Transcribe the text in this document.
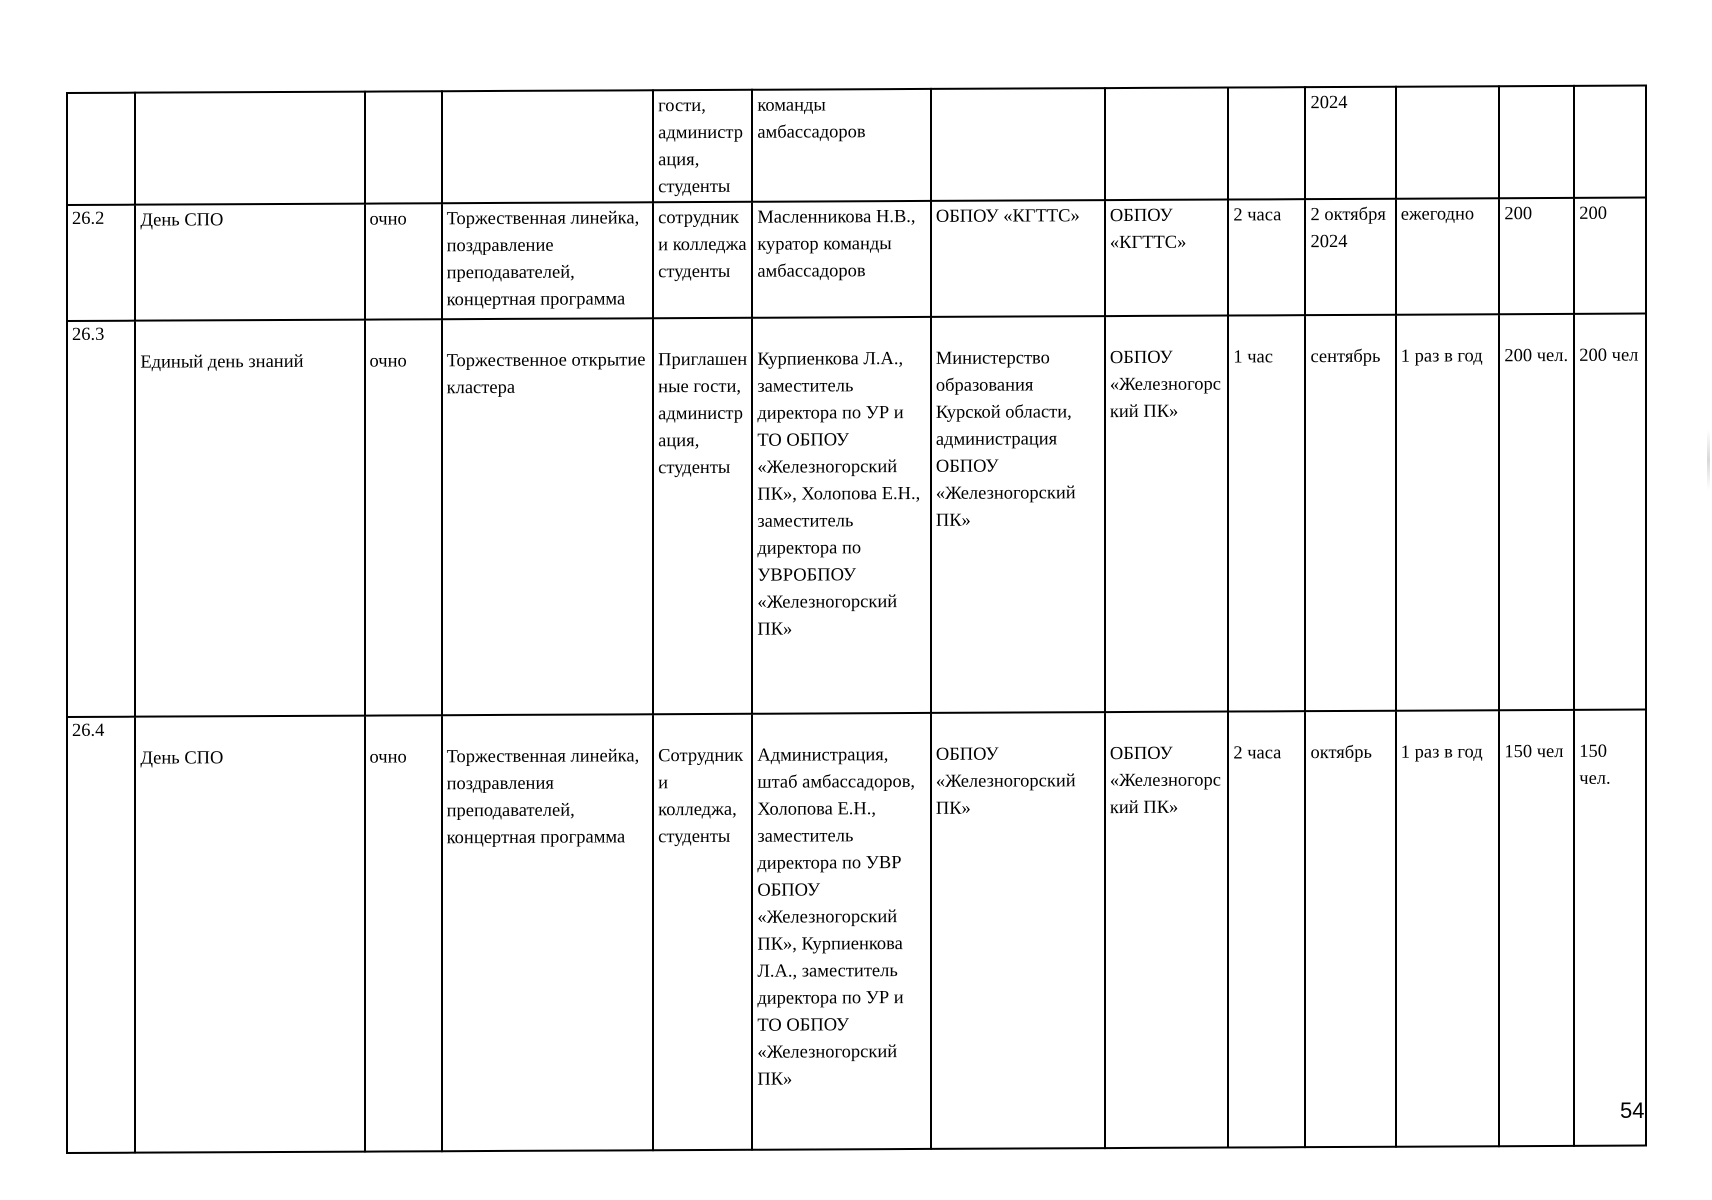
				гости, администрация, студенты	команды амбассадоров				2024			
26.2	День СПО	очно	Торжественная линейка, поздравление преподавателей, концертная программа	сотрудники колледжа студенты	Масленникова Н.В., куратор команды амбассадоров	ОБПОУ «КГТТС»	ОБПОУ «КГТТС»	2 часа	2 октября 2024	ежегодно	200	200
26.3	Единый день знаний	очно	Торжественное открытие кластера	Приглашенные гости, администрация, студенты	Курпиенкова Л.А., заместитель директора по УР и ТО ОБПОУ «Железногорский ПК», Холопова Е.Н., заместитель директора по УВРОБПОУ «Железногорский ПК»	Министерство образования Курской области, администрация ОБПОУ «Железногорский ПК»	ОБПОУ «Железногорский ПК»	1 час	сентябрь	1 раз в год	200 чел.	200 чел
26.4	День СПО	очно	Торжественная линейка, поздравления преподавателей, концертная программа	Сотрудники колледжа, студенты	Администрация, штаб амбассадоров, Холопова Е.Н., заместитель директора по УВР ОБПОУ «Железногорский ПК», Курпиенкова Л.А., заместитель директора по УР и ТО ОБПОУ «Железногорский ПК»	ОБПОУ «Железногорский ПК»	ОБПОУ «Железногорский ПК»	2 часа	октябрь	1 раз в год	150 чел	150 чел.
54
